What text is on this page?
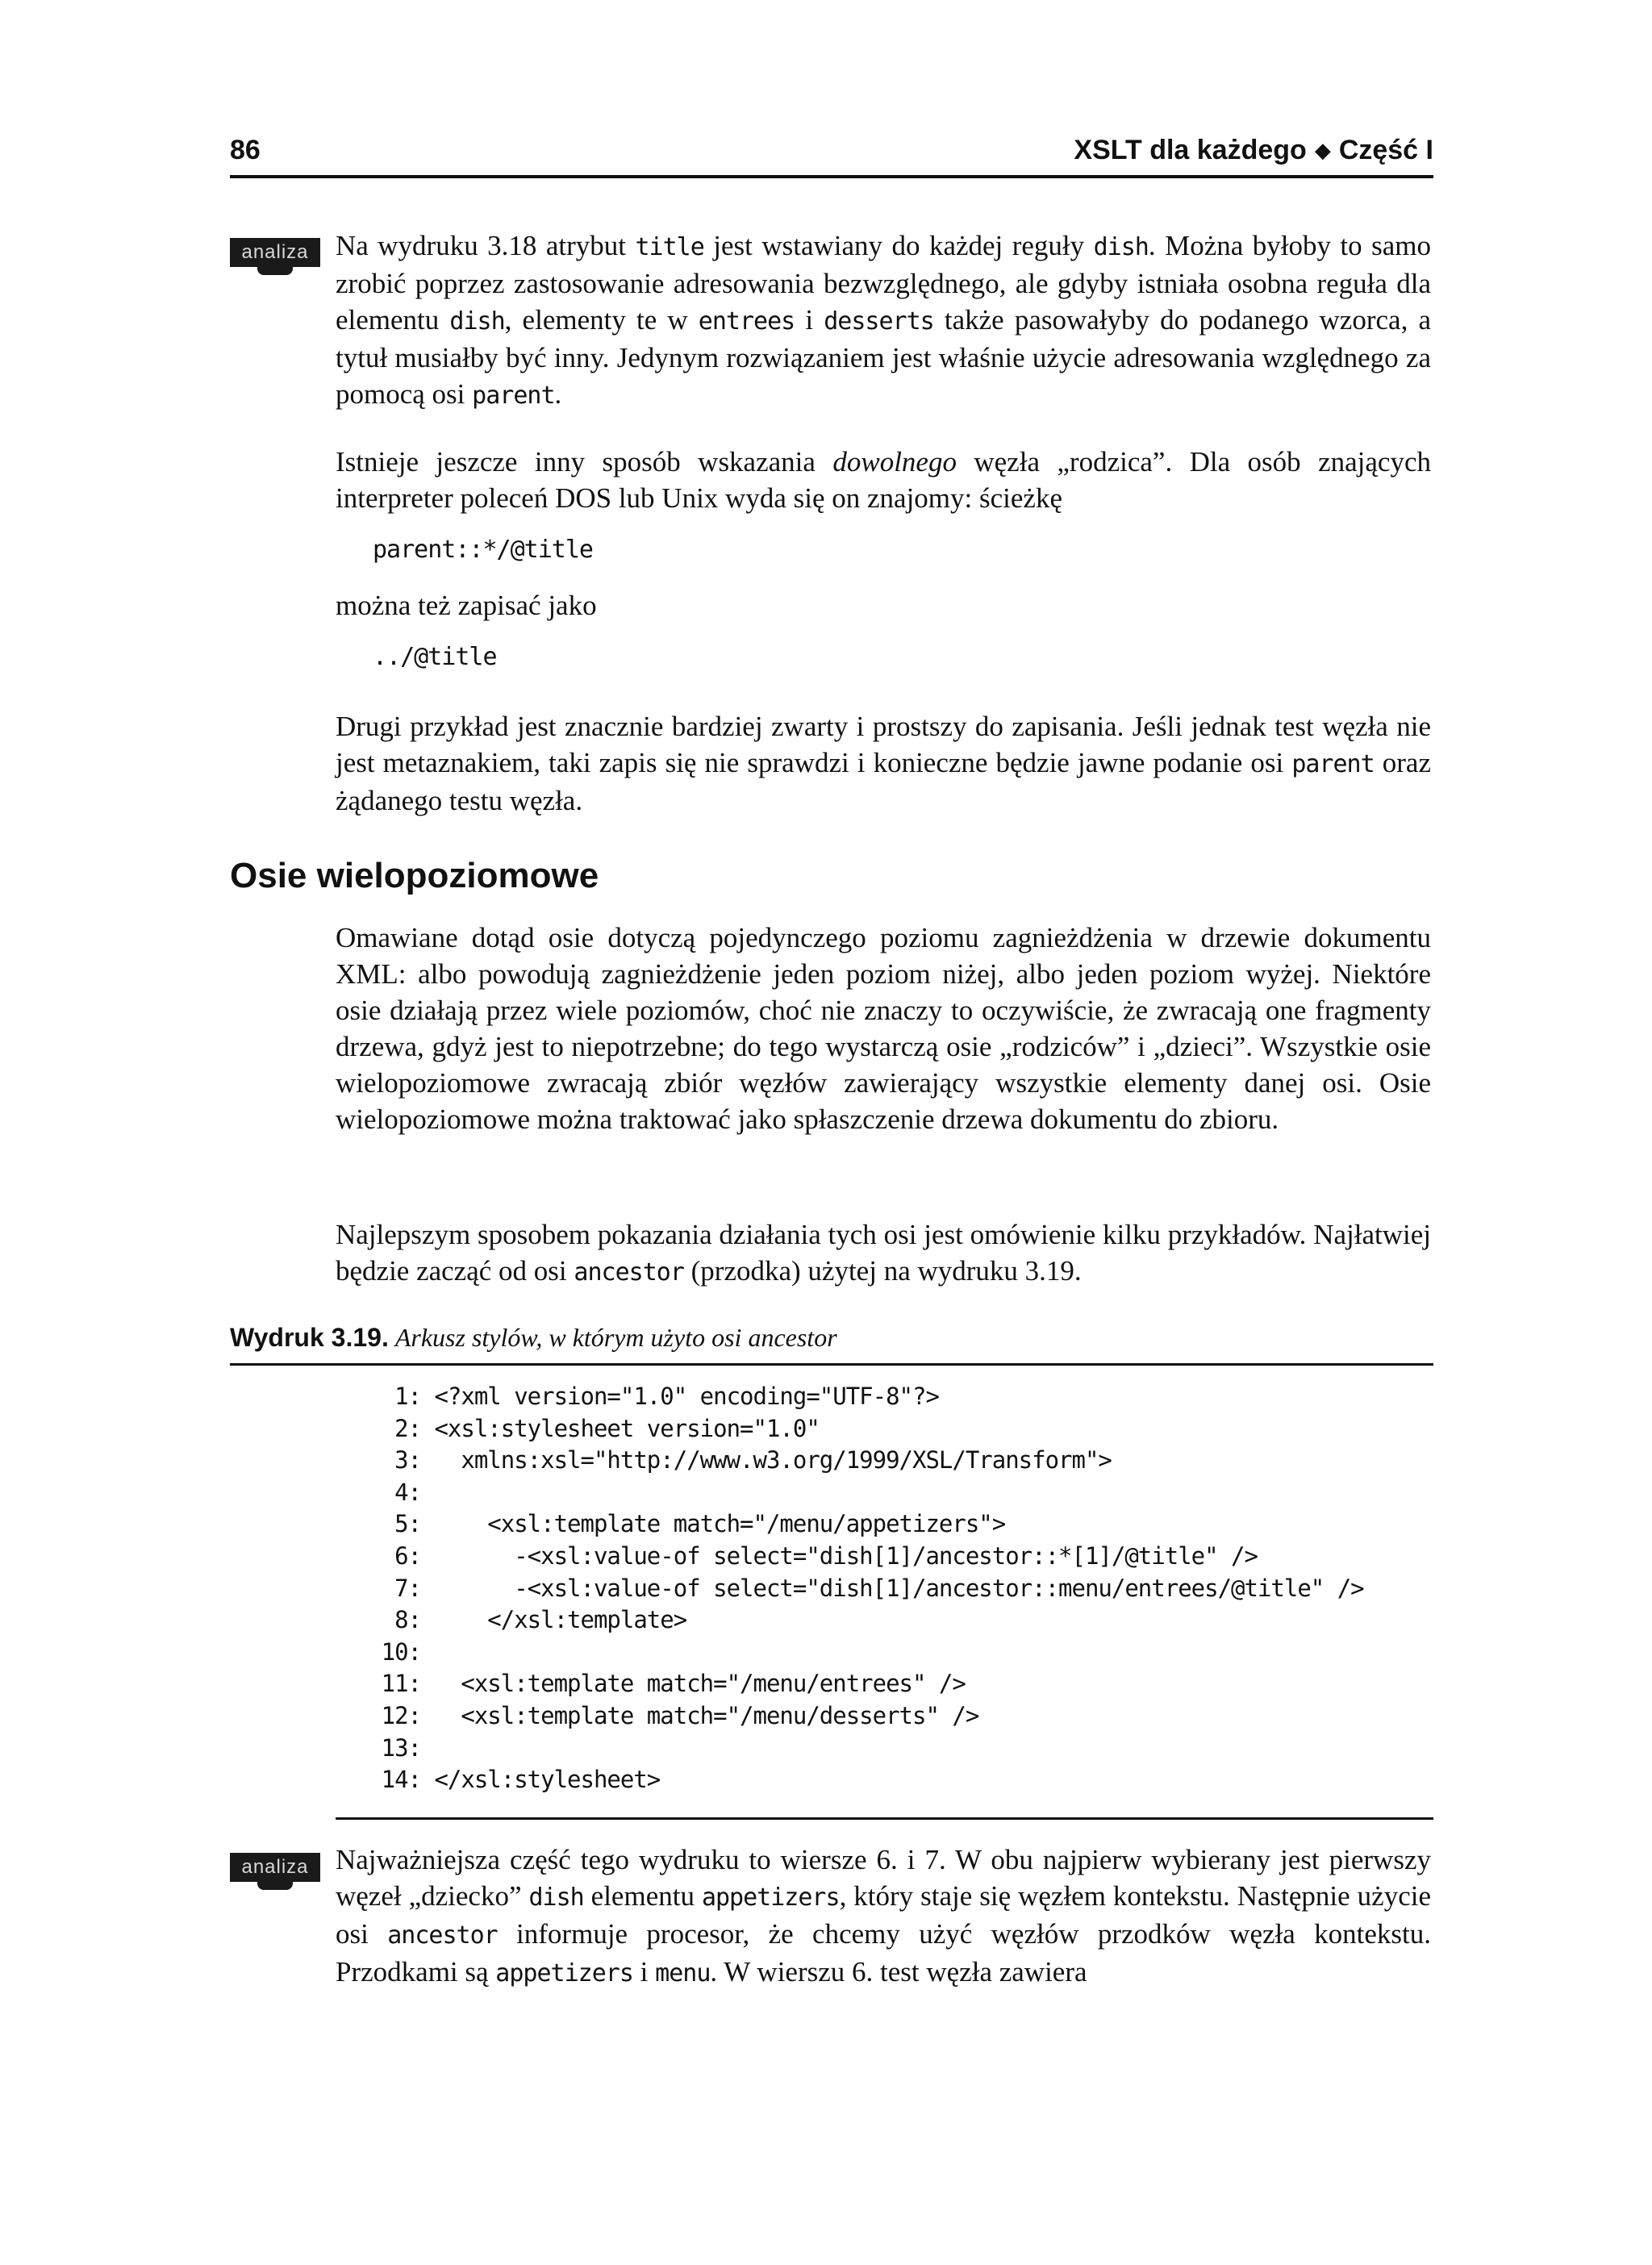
86	XSLT dla każdego ◆ Część I
analiza Na wydruku 3.18 atrybut title jest wstawiany do każdej reguły dish. Można byłoby to samo zrobić poprzez zastosowanie adresowania bezwzględnego, ale gdyby istniała osobna reguła dla elementu dish, elementy te w entrees i desserts także pasowałyby do podanego wzorca, a tytuł musiałby być inny. Jedynym rozwiązaniem jest właśnie użycie adresowania względnego za pomocą osi parent.
Istnieje jeszcze inny sposób wskazania dowolnego węzła „rodzica”. Dla osób znających interpreter poleceń DOS lub Unix wyda się on znajomy: ścieżkę
parent::*/@title
można też zapisać jako
../@title
Drugi przykład jest znacznie bardziej zwarty i prostszy do zapisania. Jeśli jednak test węzła nie jest metaznakiem, taki zapis się nie sprawdzi i konieczne będzie jawne podanie osi parent oraz żądanego testu węzła.
Osie wielopoziomowe
Omawiane dotąd osie dotyczą pojedynczego poziomu zagnieżdżenia w drzewie dokumentu XML: albo powodują zagnieżdżenie jeden poziom niżej, albo jeden poziom wyżej. Niektóre osie działają przez wiele poziomów, choć nie znaczy to oczywiście, że zwracają one fragmenty drzewa, gdyż jest to niepotrzebne; do tego wystarczą osie „rodziców” i „dzieci”. Wszystkie osie wielopoziomowe zwracają zbiór węzłów zawierający wszystkie elementy danej osi. Osie wielopoziomowe można traktować jako spłaszczenie drzewa dokumentu do zbioru.
Najlepszym sposobem pokazania działania tych osi jest omówienie kilku przykładów. Najłatwiej będzie zacząć od osi ancestor (przodka) użytej na wydruku 3.19.
Wydruk 3.19. Arkusz stylów, w którym użyto osi ancestor
1: <?xml version="1.0" encoding="UTF-8"?>
2: <xsl:stylesheet version="1.0"
3:   xmlns:xsl="http://www.w3.org/1999/XSL/Transform">
4:
5:     <xsl:template match="/menu/appetizers">
6:       -<xsl:value-of select="dish[1]/ancestor::*[1]/@title" />
7:       -<xsl:value-of select="dish[1]/ancestor::menu/entrees/@title" />
8:     </xsl:template>
10:
11:   <xsl:template match="/menu/entrees" />
12:   <xsl:template match="/menu/desserts" />
13:
14: </xsl:stylesheet>
analiza Najważniejsza część tego wydruku to wiersze 6. i 7. W obu najpierw wybierany jest pierwszy węzeł „dziecko” dish elementu appetizers, który staje się węzłem kontekstu. Następnie użycie osi ancestor informuje procesor, że chcemy użyć węzłów przodków węzła kontekstu. Przodkami są appetizers i menu. W wierszu 6. test węzła zawiera
